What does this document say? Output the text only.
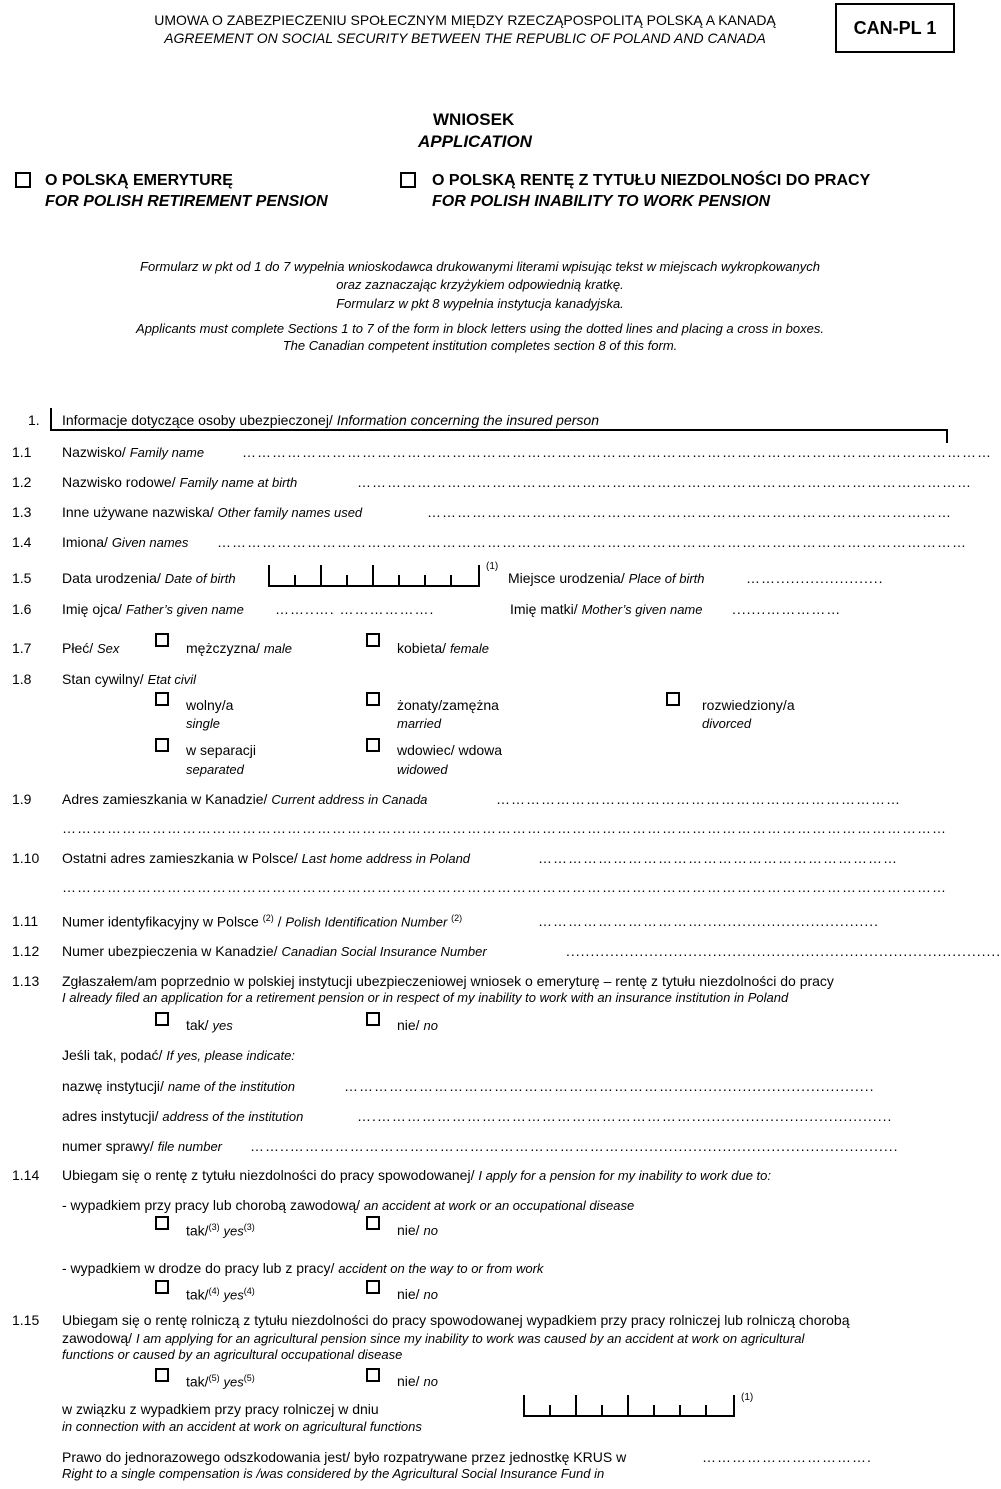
UMOWA O ZABEZPIECZENIU SPOŁECZNYM MIĘDZY RZECZĄPOSPOLITĄ POLSKĄ A KANADĄ
AGREEMENT ON SOCIAL SECURITY BETWEEN THE REPUBLIC OF POLAND AND CANADA
CAN-PL 1
WNIOSEK
APPLICATION
O POLSKĄ EMERYTURĘ
FOR POLISH RETIREMENT PENSION
O POLSKĄ RENTĘ Z TYTUŁU NIEZDOLNOŚCI DO PRACY
FOR POLISH INABILITY TO WORK PENSION
Formularz w pkt od 1 do 7 wypełnia wnioskodawca drukowanymi literami wpisując tekst w miejscach wykropkowanych
oraz zaznaczając krzyżykiem odpowiednią kratkę.
Formularz w pkt 8 wypełnia instytucja kanadyjska.
Applicants must complete Sections 1 to 7 of the form in block letters using the dotted lines and placing a cross in boxes.
The Canadian competent institution completes section 8 of this form.
1. Informacje dotyczące osoby ubezpieczonej/ Information concerning the insured person
1.1 Nazwisko/ Family name	……………………………………………………………………………………………………………………………………
1.2 Nazwisko rodowe/ Family name at birth	……………………………………………………………………………………………………………
1.3 Inne używane nazwiska/ Other family names used	……………………………………………………………………………………………
1.4 Imiona/ Given names ……………………………………………………………………………………………………………………………………
1.5 Data urodzenia/ Date of birth
(1)
Miejsce urodzenia/ Place of birth	……......................
1.6 Imię ojca/ Father’s given name ……..…. ……………….	Imię matki/ Mother’s given name .......……………
1.7 Płeć/ Sex	mężczyzna/ male	kobieta/ female
1.8 Stan cywilny/ Etat civil
wolny/a
single
żonaty/zamężna
married
rozwiedziony/a
divorced
w separacji
separated
wdowiec/ wdowa
widowed
1.9 Adres zamieszkania w Kanadzie/ Current address in Canada	………………………………………………………………………
……………………………………………………………………………………………………………………………………………………………
1.10 Ostatni adres zamieszkania w Polsce/ Last home address in Poland	………………………………………………………………
……………………………………………………………………………………………………………………………………………………………
1.11 Numer identyfikacyjny w Polsce $^{(2)}$ / Polish Identification Number $^{(2)}$	……………………………....................................
1.12 Numer ubezpieczenia w Kanadzie/ Canadian Social Insurance Number	.........................................................................................
1.13 Zgłaszałem/am poprzednio w polskiej instytucji ubezpieczeniowej wniosek o emeryturę – rentę z tytułu niezdolności do pracy
I already filed an application for a retirement pension or in respect of my inability to work with an insurance institution in Poland
tak/ yes	nie/ no
Jeśli tak, podać/ If yes, please indicate:
nazwę instytucji/ name of the institution	………………………………………………………….........................................
adres instytucji/ address of the institution	….……………………………………………………….........................................
numer sprawy/ file number ……..………………………………………………………….........................................................
1.14 Ubiegam się o rentę z tytułu niezdolności do pracy spowodowanej/ I apply for a pension for my inability to work due to:
- wypadkiem przy pracy lub chorobą zawodową/ an accident at work or an occupational disease
tak/$^{(3)}$ yes$^{(3)}$	nie/ no
- wypadkiem w drodze do pracy lub z pracy/ accident on the way to or from work
tak/$^{(4)}$ yes$^{(4)}$	nie/ no
1.15 Ubiegam się o rentę rolniczą z tytułu niezdolności do pracy spowodowanej wypadkiem przy pracy rolniczej lub rolniczą chorobą
zawodową/ I am applying for an agricultural pension since my inability to work was caused by an accident at work on agricultural
functions or caused by an agricultural occupational disease
tak/$^{(5)}$ yes$^{(5)}$	nie/ no
w związku z wypadkiem przy pracy rolniczej w dniu
in connection with an accident at work on agricultural functions
(1)
Prawo do jednorazowego odszkodowania jest/ było rozpatrywane przez jednostkę KRUS w
Right to a single compensation is /was considered by the Agricultural Social Insurance Fund in
…………………………….
